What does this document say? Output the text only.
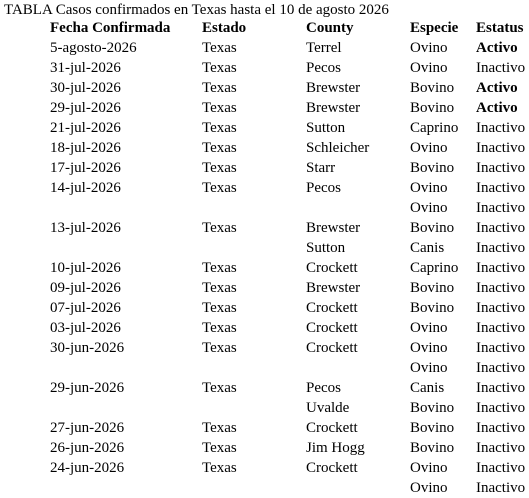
TABLA Casos confirmados en Texas hasta el 10 de agosto 2026
Fecha Confirmada	Estado	County	Especie	Estatus
5-agosto-2026	Texas	Terrel	Ovino	Activo
31-jul-2026	Texas	Pecos	Ovino	Inactivo
30-jul-2026	Texas	Brewster	Bovino	Activo
29-jul-2026	Texas	Brewster	Bovino	Activo
21-jul-2026	Texas	Sutton	Caprino	Inactivo
18-jul-2026	Texas	Schleicher	Ovino	Inactivo
17-jul-2026	Texas	Starr	Bovino	Inactivo
14-jul-2026	Texas	Pecos	Ovino	Inactivo
			Ovino	Inactivo
13-jul-2026	Texas	Brewster	Bovino	Inactivo
		Sutton	Canis	Inactivo
10-jul-2026	Texas	Crockett	Caprino	Inactivo
09-jul-2026	Texas	Brewster	Bovino	Inactivo
07-jul-2026	Texas	Crockett	Bovino	Inactivo
03-jul-2026	Texas	Crockett	Ovino	Inactivo
30-jun-2026	Texas	Crockett	Ovino	Inactivo
			Ovino	Inactivo
29-jun-2026	Texas	Pecos	Canis	Inactivo
		Uvalde	Bovino	Inactivo
27-jun-2026	Texas	Crockett	Bovino	Inactivo
26-jun-2026	Texas	Jim Hogg	Bovino	Inactivo
24-jun-2026	Texas	Crockett	Ovino	Inactivo
			Ovino	Inactivo
